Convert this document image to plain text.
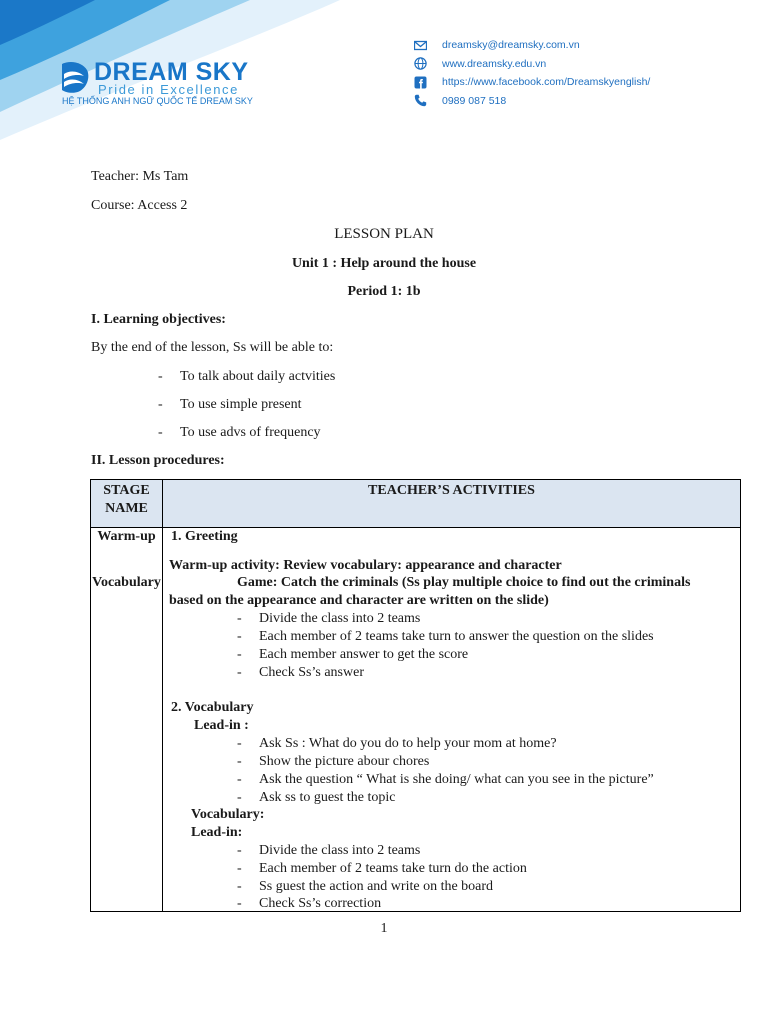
DREAM SKY
Pride in Excellence
HỆ THỐNG ANH NGỮ QUỐC TẾ DREAM SKY
dreamsky@dreamsky.com.vn
www.dreamsky.edu.vn
https://www.facebook.com/Dreamskyenglish/
0989 087 518
Teacher: Ms Tam
Course: Access 2
LESSON PLAN
Unit 1 : Help around the house
Period 1: 1b
I. Learning objectives:
By the end of the lesson, Ss will be able to:
- To talk about daily actvities
- To use simple present
- To use advs of frequency
II. Lesson procedures:
STAGE NAME
TEACHER’S ACTIVITIES
Warm-up
Vocabulary
1. Greeting
Warm-up activity: Review vocabulary: appearance and character
Game: Catch the criminals (Ss play multiple choice to find out the criminals
based on the appearance and character are written on the slide)
- Divide the class into 2 teams
- Each member of 2 teams take turn to answer the question on the slides
- Each member answer to get the score
- Check Ss’s answer
2. Vocabulary
Lead-in :
- Ask Ss : What do you do to help your mom at home?
- Show the picture abour chores
- Ask the question “ What is she doing/ what can you see in the picture”
- Ask ss to guest the topic
Vocabulary:
Lead-in:
- Divide the class into 2 teams
- Each member of 2 teams take turn do the action
- Ss guest the action and write on the board
- Check Ss’s correction
1
